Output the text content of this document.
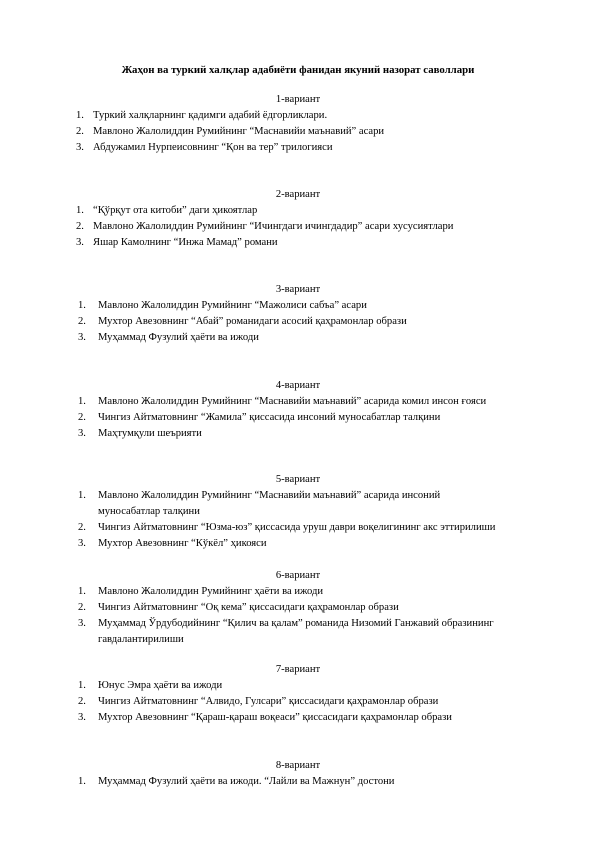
Жаҳон ва туркий халқлар адабиёти фанидан якуний назорат саволлари

1-вариант

1. Туркий халқларнинг қадимги адабий ёдгорликлари.
2. Мавлоно Жалолиддин Румийнинг “Маснавийи маънавий” асари
3. Абдужамил Нурпеисовнинг “Қон ва тер” трилогияси

2-вариант

1. “Қўрқут ота китоби” даги ҳикоятлар
2. Мавлоно Жалолиддин Румийнинг “Ичингдаги ичингдадир” асари хусусиятлари
3. Яшар Камолнинг “Инжа Мамад” романи

3-вариант

1. Мавлоно Жалолиддин Румийнинг “Мажолиси сабъа” асари
2. Мухтор Авезовнинг “Абай” романидаги асосий қаҳрамонлар образи
3. Муҳаммад Фузулий ҳаёти ва ижоди

4-вариант

1. Мавлоно Жалолиддин Румийнинг “Маснавийи маънавий” асарида комил инсон ғояси
2. Чингиз Айтматовнинг “Жамила” қиссасида инсоний муносабатлар талқини
3. Маҳтумқули шеърияти

5-вариант

1. Мавлоно Жалолиддин Румийнинг “Маснавийи маънавий” асарида инсоний муносабатлар талқини
2. Чингиз Айтматовнинг “Юзма-юз” қиссасида уруш даври воқелигининг акс эттирилиши
3. Мухтор Авезовнинг “Кўкёл” ҳикояси

6-вариант

1. Мавлоно Жалолиддин Румийнинг ҳаёти ва ижоди
2. Чингиз Айтматовнинг “Оқ кема” қиссасидаги қаҳрамонлар образи
3. Муҳаммад Ўрдубодийнинг “Қилич ва қалам” романида Низомий Ганжавий образининг гавдалантирилиши

7-вариант

1. Юнус Эмра ҳаёти ва ижоди
2. Чингиз Айтматовнинг “Алвидо, Гулсари” қиссасидаги қаҳрамонлар образи
3. Мухтор Авезовнинг “Қараш-қараш воқеаси” қиссасидаги қаҳрамонлар образи

8-вариант

1. Муҳаммад Фузулий ҳаёти ва ижоди. “Лайли ва Мажнун” достони
